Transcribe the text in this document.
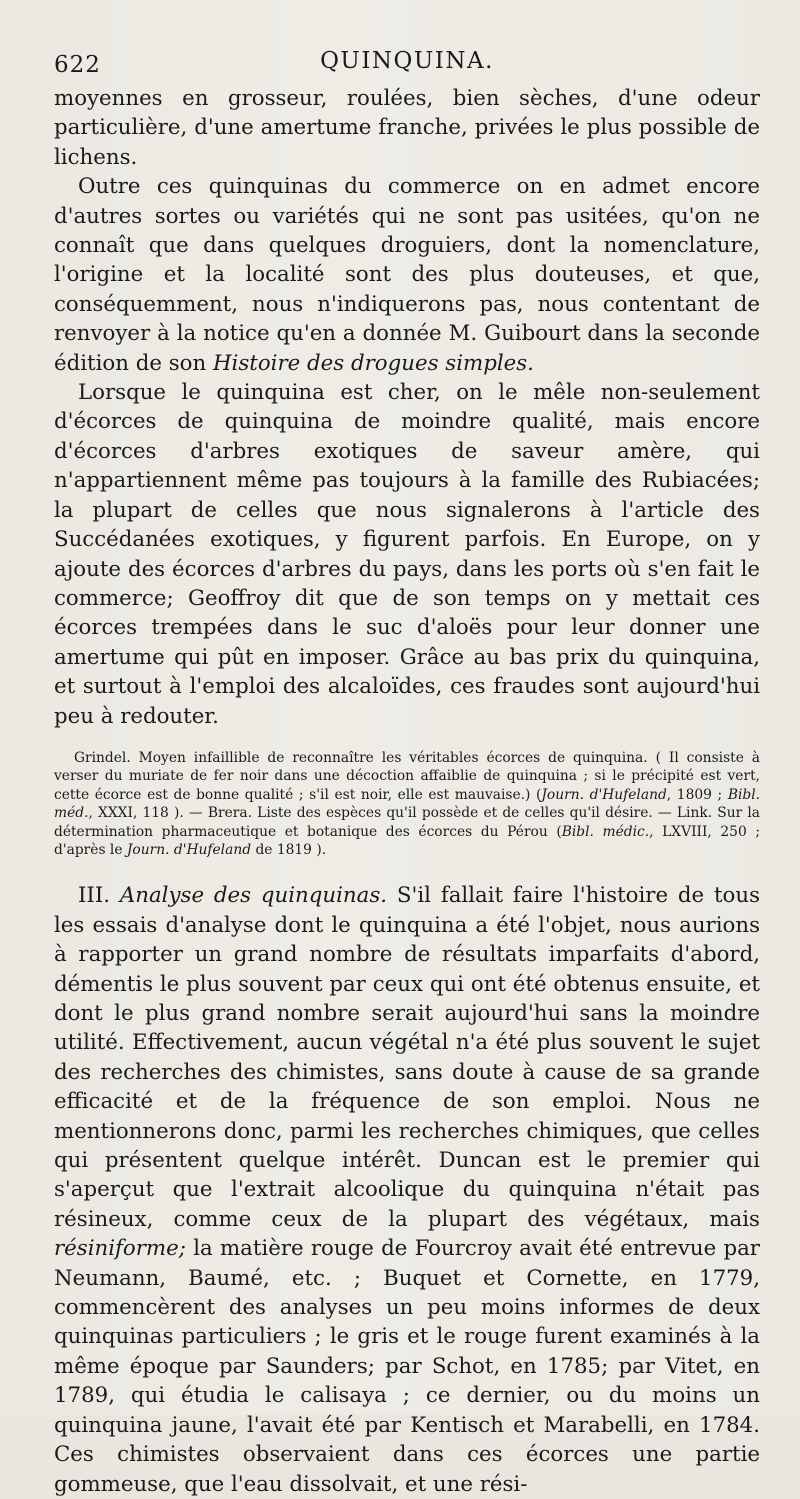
622	QUINQUINA.

moyennes en grosseur, roulées, bien sèches, d'une odeur particulière, d'une amertume franche, privées le plus possible de lichens.

Outre ces quinquinas du commerce on en admet encore d'autres sortes ou variétés qui ne sont pas usitées, qu'on ne connaît que dans quelques droguiers, dont la nomenclature, l'origine et la localité sont des plus douteuses, et que, conséquemment, nous n'indiquerons pas, nous contentant de renvoyer à la notice qu'en a donnée M. Guibourt dans la seconde édition de son Histoire des drogues simples.

Lorsque le quinquina est cher, on le mêle non-seulement d'écorces de quinquina de moindre qualité, mais encore d'écorces d'arbres exotiques de saveur amère, qui n'appartiennent même pas toujours à la famille des Rubiacées; la plupart de celles que nous signalerons à l'article des Succédanées exotiques, y figurent parfois. En Europe, on y ajoute des écorces d'arbres du pays, dans les ports où s'en fait le commerce; Geoffroy dit que de son temps on y mettait ces écorces trempées dans le suc d'aloës pour leur donner une amertume qui pût en imposer. Grâce au bas prix du quinquina, et surtout à l'emploi des alcaloïdes, ces fraudes sont aujourd'hui peu à redouter.

Grindel. Moyen infaillible de reconnaître les véritables écorces de quinquina. ( Il consiste à verser du muriate de fer noir dans une décoction affaiblie de quinquina ; si le précipité est vert, cette écorce est de bonne qualité ; s'il est noir, elle est mauvaise.) (Journ. d'Hufeland, 1809 ; Bibl. méd., XXXI, 118 ). — Brera. Liste des espèces qu'il possède et de celles qu'il désire. — Link. Sur la détermination pharmaceutique et botanique des écorces du Pérou (Bibl. médic., LXVIII, 250 ; d'après le Journ. d'Hufeland de 1819 ).

III. Analyse des quinquinas. S'il fallait faire l'histoire de tous les essais d'analyse dont le quinquina a été l'objet, nous aurions à rapporter un grand nombre de résultats imparfaits d'abord, démentis le plus souvent par ceux qui ont été obtenus ensuite, et dont le plus grand nombre serait aujourd'hui sans la moindre utilité. Effectivement, aucun végétal n'a été plus souvent le sujet des recherches des chimistes, sans doute à cause de sa grande efficacité et de la fréquence de son emploi. Nous ne mentionnerons donc, parmi les recherches chimiques, que celles qui présentent quelque intérêt. Duncan est le premier qui s'aperçut que l'extrait alcoolique du quinquina n'était pas résineux, comme ceux de la plupart des végétaux, mais résiniforme; la matière rouge de Fourcroy avait été entrevue par Neumann, Baumé, etc. ; Buquet et Cornette, en 1779, commencèrent des analyses un peu moins informes de deux quinquinas particuliers ; le gris et le rouge furent examinés à la même époque par Saunders; par Schot, en 1785; par Vitet, en 1789, qui étudia le calisaya ; ce dernier, ou du moins un quinquina jaune, l'avait été par Kentisch et Marabelli, en 1784. Ces chimistes observaient dans ces écorces une partie gommeuse, que l'eau dissolvait, et une rési-
